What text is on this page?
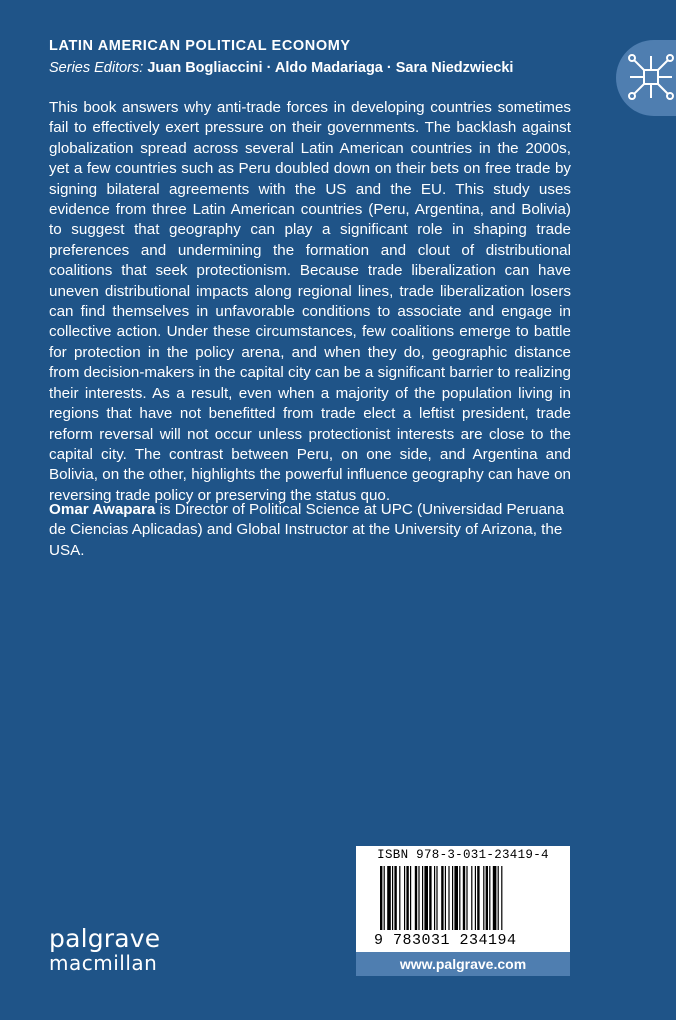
LATIN AMERICAN POLITICAL ECONOMY
Series Editors: Juan Bogliaccini · Aldo Madariaga · Sara Niedzwiecki

This book answers why anti-trade forces in developing countries sometimes fail to effectively exert pressure on their governments. The backlash against globalization spread across several Latin American countries in the 2000s, yet a few countries such as Peru doubled down on their bets on free trade by signing bilateral agreements with the US and the EU. This study uses evidence from three Latin American countries (Peru, Argentina, and Bolivia) to suggest that geography can play a significant role in shaping trade preferences and undermining the formation and clout of distributional coalitions that seek protectionism. Because trade liberalization can have uneven distributional impacts along regional lines, trade liberalization losers can find themselves in unfavorable conditions to associate and engage in collective action. Under these circumstances, few coalitions emerge to battle for protection in the policy arena, and when they do, geographic distance from decision-makers in the capital city can be a significant barrier to realizing their interests. As a result, even when a majority of the population living in regions that have not benefitted from trade elect a leftist president, trade reform reversal will not occur unless protectionist interests are close to the capital city. The contrast between Peru, on one side, and Argentina and Bolivia, on the other, highlights the powerful influence geography can have on reversing trade policy or preserving the status quo.

Omar Awapara is Director of Political Science at UPC (Universidad Peruana de Ciencias Aplicadas) and Global Instructor at the University of Arizona, the USA.

ISBN 978-3-031-23419-4
9 783031 234194
www.palgrave.com
palgrave
macmillan
